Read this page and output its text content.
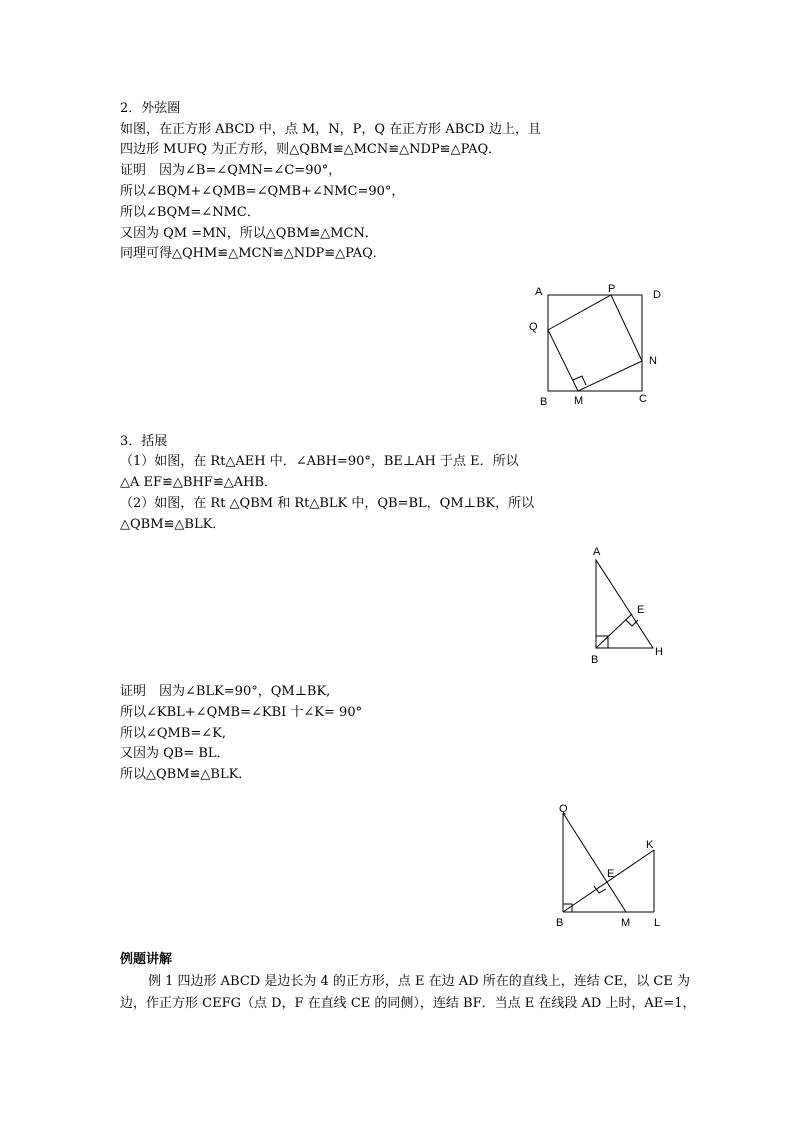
2．外弦圈
如图，在正方形 ABCD 中，点 M，N，P，Q 在正方形 ABCD 边上，且
四边形 MUFQ 为正方形，则△QBM≌△MCN≌△NDP≌△PAQ．
证明　因为∠B=∠QMN=∠C=90°，
所以∠BQM+∠QMB=∠QMB+∠NMC=90°，
所以∠BQM=∠NMC．
又因为 QM =MN，所以△QBM≌△MCN．
同理可得△QHM≌△MCN≌△NDP≌△PAQ．
A	P	D
Q
N
B M	C
3．括展
（1）如图，在 Rt△AEH 中．∠ABH=90°，BE⊥AH 于点 E．所以
△A EF≌△BHF≌△AHB．
（2）如图，在 Rt △QBM 和 Rt△BLK 中，QB=BL，QM⊥BK，所以
△QBM≌△BLK．
A
E
B
H
证明　因为∠BLK=90°，QM⊥BK,
所以∠KBL+∠QMB=∠KBI 十∠K= 90°
所以∠QMB=∠K,
又因为 QB= BL．
所以△QBM≌△BLK．
Q
K
E
B	M L
例题讲解
例 1 四边形 ABCD 是边长为 4 的正方形，点 E 在边 AD 所在的直线上，连结 CE，以 CE 为
边，作正方形 CEFG（点 D，F 在直线 CE 的同侧），连结 BF．当点 E 在线段 AD 上时，AE=1，
